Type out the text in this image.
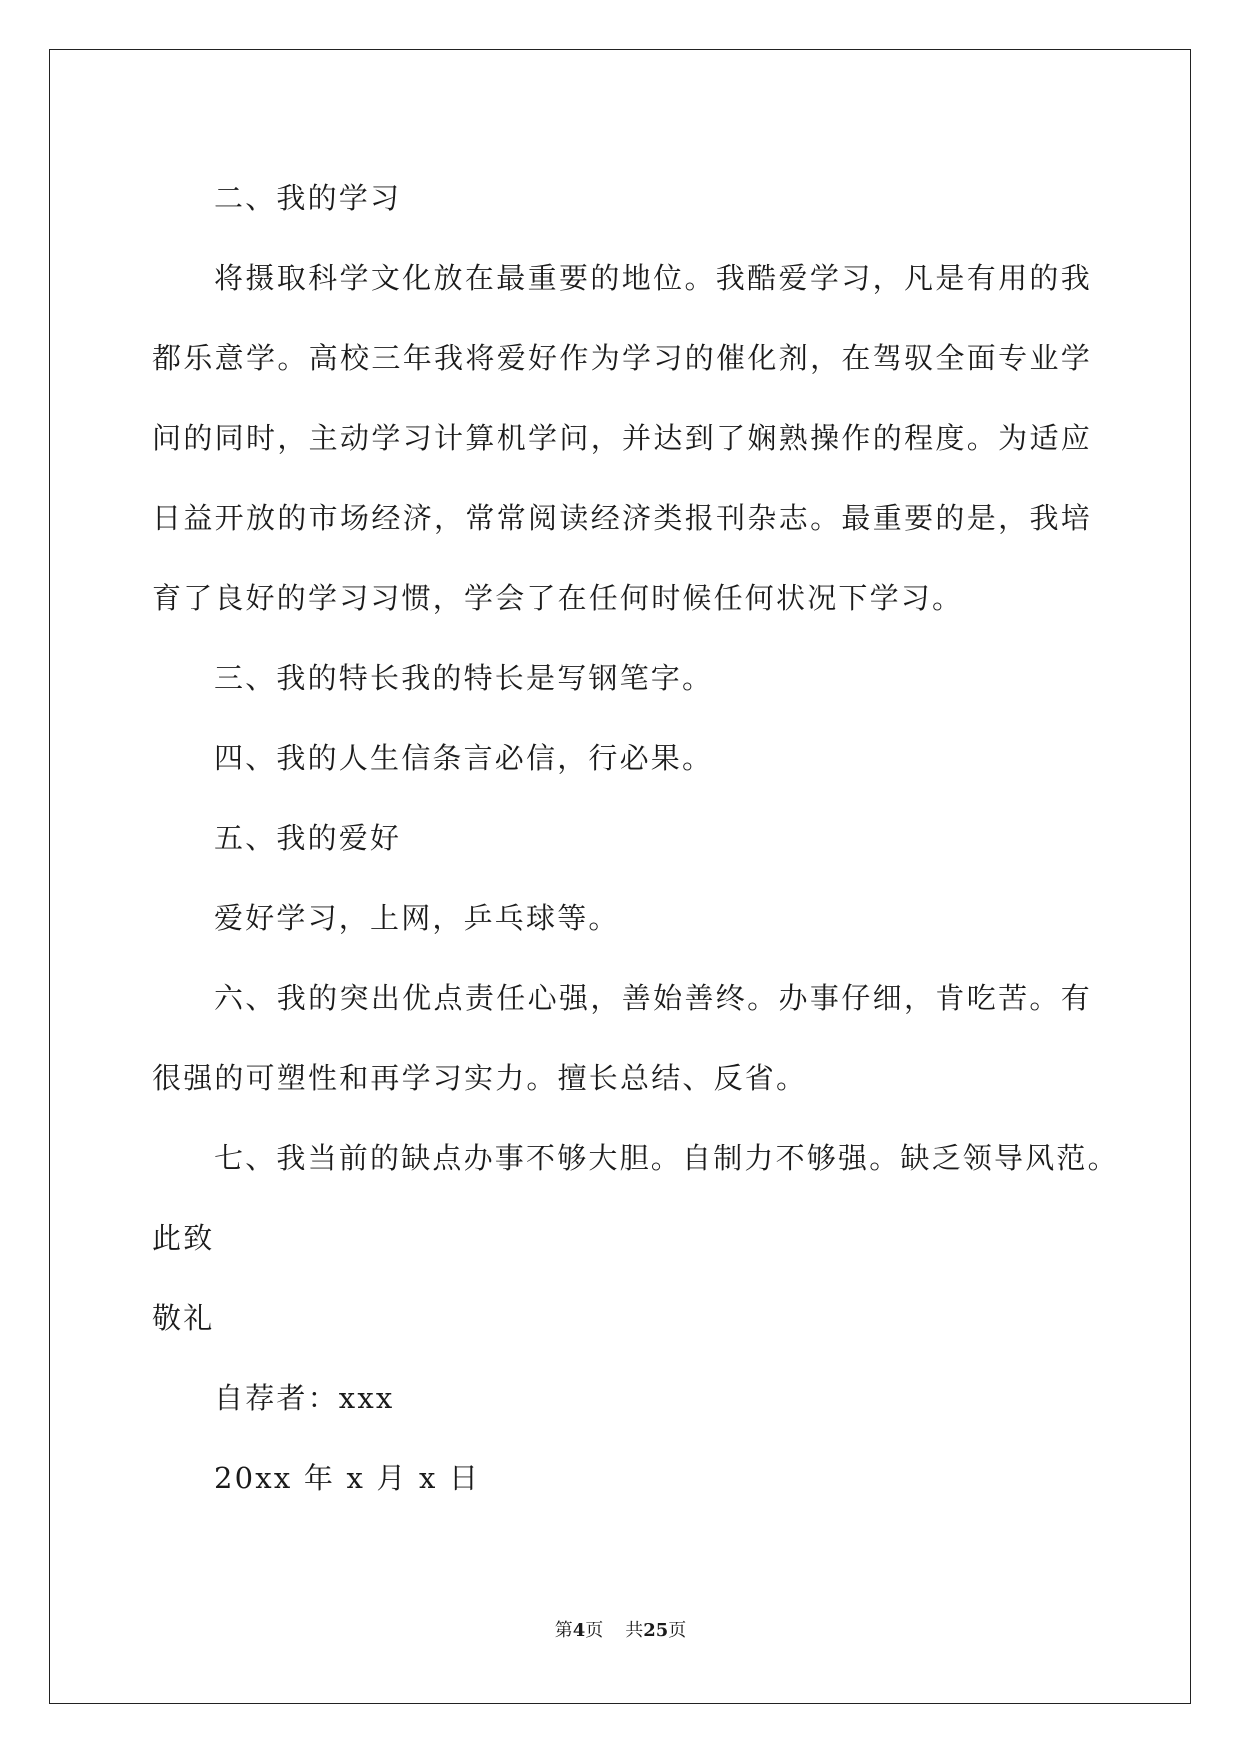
二、我的学习
将摄取科学文化放在最重要的地位。我酷爱学习，凡是有用的我都乐意学。高校三年我将爱好作为学习的催化剂，在驾驭全面专业学问的同时，主动学习计算机学问，并达到了娴熟操作的程度。为适应日益开放的市场经济，常常阅读经济类报刊杂志。最重要的是，我培育了良好的学习习惯，学会了在任何时候任何状况下学习。
三、我的特长我的特长是写钢笔字。
四、我的人生信条言必信，行必果。
五、我的爱好
爱好学习，上网，乒乓球等。
六、我的突出优点责任心强，善始善终。办事仔细，肯吃苦。有很强的可塑性和再学习实力。擅长总结、反省。
七、我当前的缺点办事不够大胆。自制力不够强。缺乏领导风范。
此致
敬礼
自荐者：xxx
20xx 年 x 月 x 日
第4页 共25页
